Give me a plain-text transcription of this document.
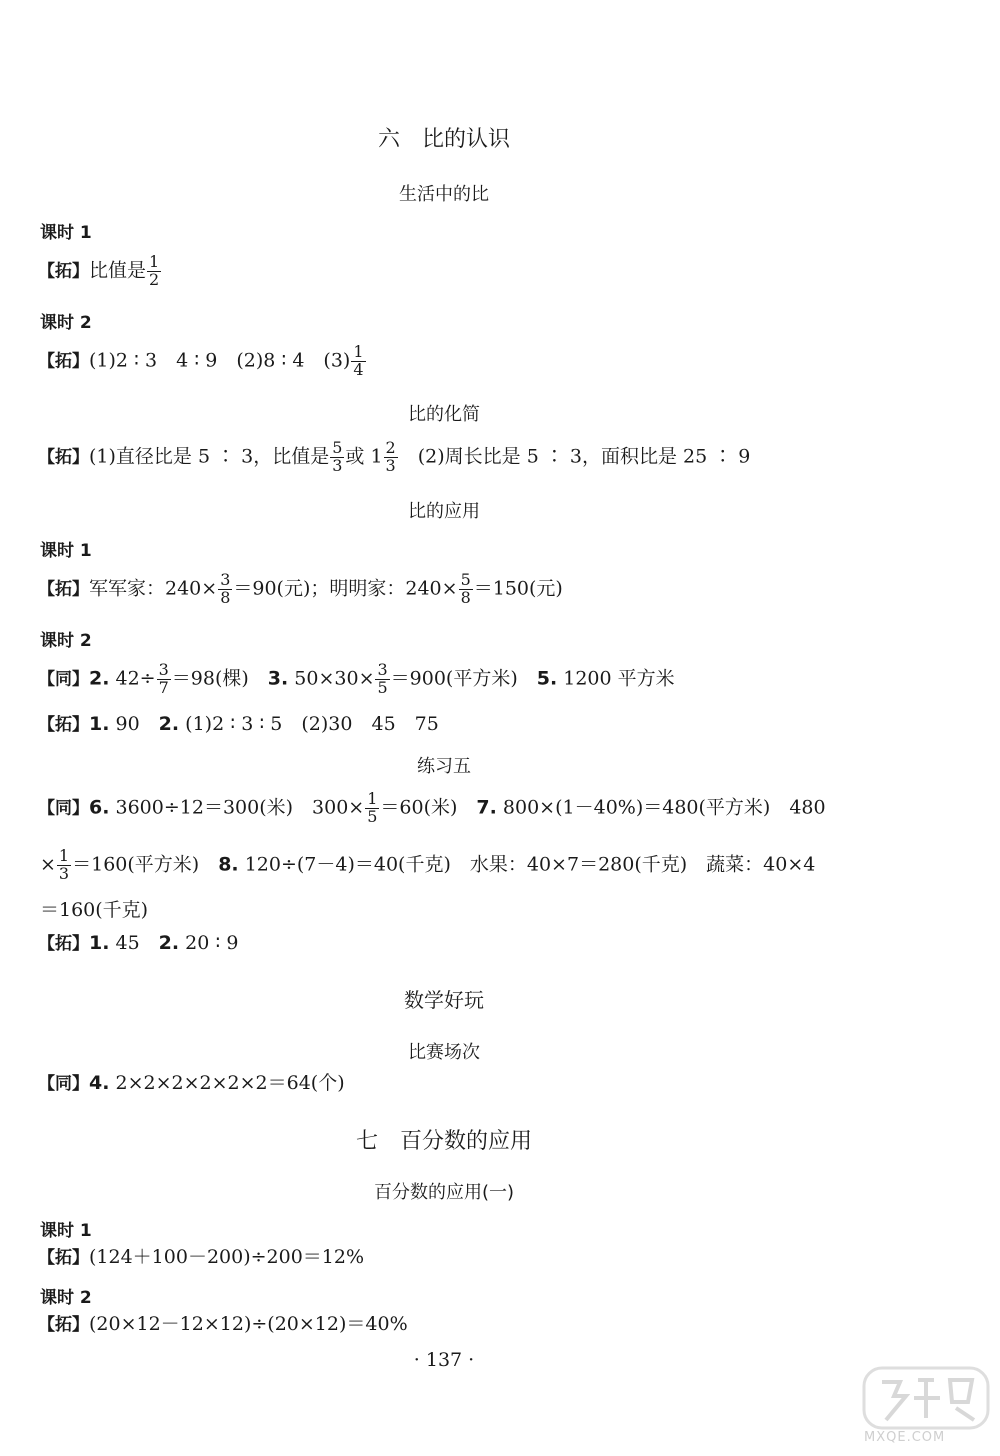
六　比的认识
生活中的比
课时 1
【拓】比值是 $\frac{1}{2}$
课时 2
【拓】(1)2 ∶ 3　4 ∶ 9　(2)8 ∶ 4　$(3) \frac{1}{4}$
比的化简
【拓】(1)直径比是 5 ∶ 3，比值是 $\frac{5}{3}$ 或 $1 \frac{2}{3}$ 　(2)周长比是 5 ∶ 3，面积比是 25 ∶ 9
比的应用
课时 1
【拓】军军家：$240\times \frac{3}{8} =90$(元)；明明家：$240\times \frac{5}{8} =150$(元)
课时 2
【同】2. $42\div \frac{3}{7} =98$(棵)　3. $50\times 30\times \frac{3}{5} =900$(平方米)　5. 1200 平方米
【拓】1. 90　2. (1)2 ∶ 3 ∶ 5　(2)30　45　75
练习五
【同】6. 3600÷12＝300(米)　$300\times \frac{1}{5} =60$(米)　7. 800×(1－40%)＝480(平方米)　480
× $\frac{1}{3} =160$(平方米)　8. 120÷(7－4)＝40(千克)　水果：40×7＝280(千克)　蔬菜：40×4
＝160(千克)
【拓】1. 45　2. 20 ∶ 9
数学好玩
比赛场次
【同】4. 2×2×2×2×2×2＝64(个)
七　百分数的应用
百分数的应用(一)
课时 1
【拓】(124＋100－200)÷200＝12%
课时 2
【拓】(20×12－12×12)÷(20×12)＝40%
· 137 ·
MXQE.COM
